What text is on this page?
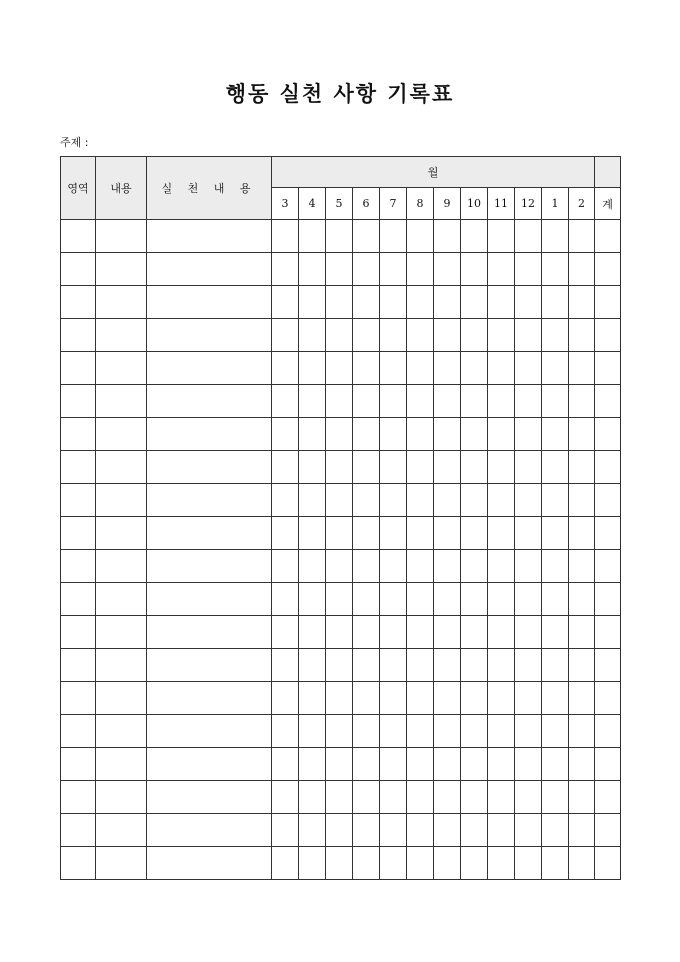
행동 실천 사항 기록표
주제 :
영역	내용	실 천 내 용	월												
			3	4	5	6	7	8	9	10	11	12	1	2	계
